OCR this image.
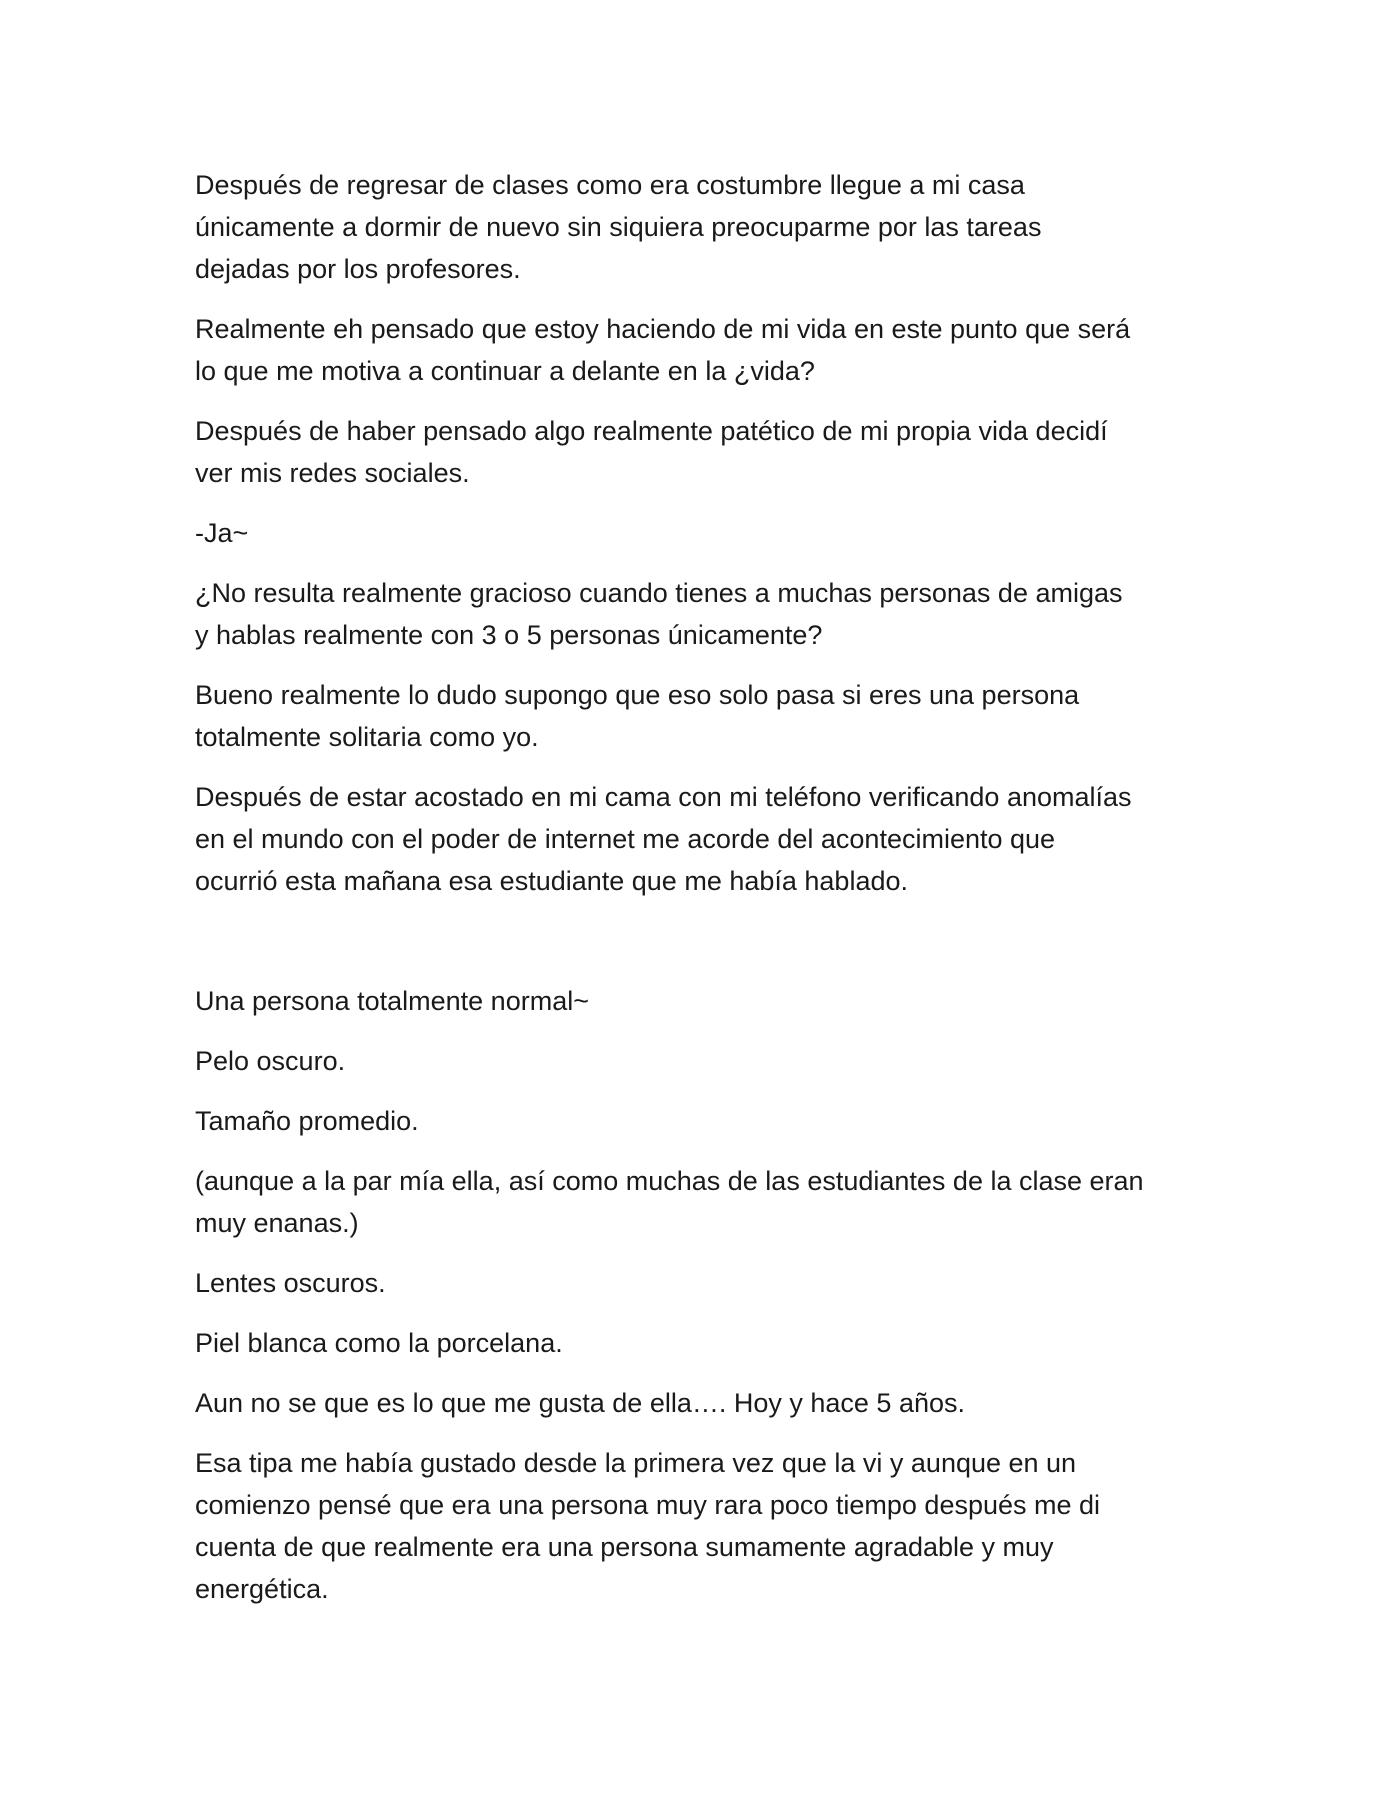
Después de regresar de clases como era costumbre llegue a mi casa
únicamente a dormir de nuevo sin siquiera preocuparme por las tareas
dejadas por los profesores.

Realmente eh pensado que estoy haciendo de mi vida en este punto que será
lo que me motiva a continuar a delante en la ¿vida?

Después de haber pensado algo realmente patético de mi propia vida decidí
ver mis redes sociales.

-Ja~

¿No resulta realmente gracioso cuando tienes a muchas personas de amigas
y hablas realmente con 3 o 5 personas únicamente?

Bueno realmente lo dudo supongo que eso solo pasa si eres una persona
totalmente solitaria como yo.

Después de estar acostado en mi cama con mi teléfono verificando anomalías
en el mundo con el poder de internet me acorde del acontecimiento que
ocurrió esta mañana esa estudiante que me había hablado.

Una persona totalmente normal~

Pelo oscuro.

Tamaño promedio.

(aunque a la par mía ella, así como muchas de las estudiantes de la clase eran
muy enanas.)

Lentes oscuros.

Piel blanca como la porcelana.

Aun no se que es lo que me gusta de ella…. Hoy y hace 5 años.

Esa tipa me había gustado desde la primera vez que la vi y aunque en un
comienzo pensé que era una persona muy rara poco tiempo después me di
cuenta de que realmente era una persona sumamente agradable y muy
energética.
